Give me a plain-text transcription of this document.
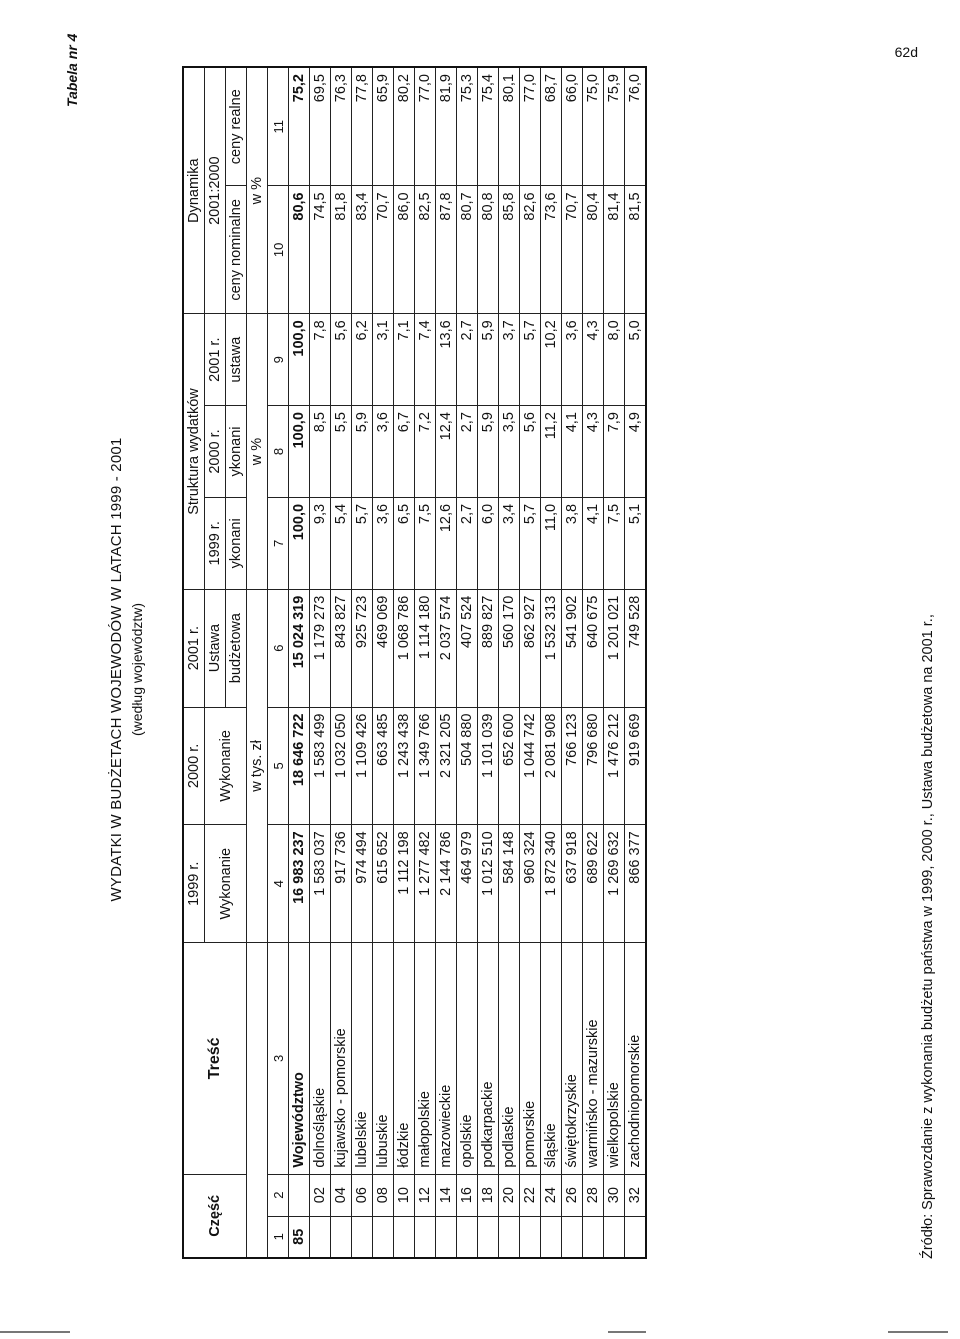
62d
Tabela nr 4
WYDATKI W BUDŻETACH WOJEWODÓW W LATACH 1999 - 2001 (według województw)
Część		Treść	1999 r.	2000 r.	2001 r.	Struktura wydatków			Dynamika	
			Wykonanie	Wykonanie	Ustawa	1999 r.	2000 r.	2001 r.	2001:2000	
					budżetowa	ykonani	ykonani	ustawa	ceny nominalne	ceny realne
			w tys. zł			w %			w %	
1	2	3	4	5	6	7	8	9	10	11
85		Województwo	16 983 237	18 646 722	15 024 319	100,0	100,0	100,0	80,6	75,2
	02	dolnośląskie	1 583 037	1 583 499	1 179 273	9,3	8,5	7,8	74,5	69,5
	04	kujawsko - pomorskie	917 736	1 032 050	843 827	5,4	5,5	5,6	81,8	76,3
	06	lubelskie	974 494	1 109 426	925 723	5,7	5,9	6,2	83,4	77,8
	08	lubuskie	615 652	663 485	469 069	3,6	3,6	3,1	70,7	65,9
	10	łódzkie	1 112 198	1 243 438	1 068 786	6,5	6,7	7,1	86,0	80,2
	12	małopolskie	1 277 482	1 349 766	1 114 180	7,5	7,2	7,4	82,5	77,0
	14	mazowieckie	2 144 786	2 321 205	2 037 574	12,6	12,4	13,6	87,8	81,9
	16	opolskie	464 979	504 880	407 524	2,7	2,7	2,7	80,7	75,3
	18	podkarpackie	1 012 510	1 101 039	889 827	6,0	5,9	5,9	80,8	75,4
	20	podlaskie	584 148	652 600	560 170	3,4	3,5	3,7	85,8	80,1
	22	pomorskie	960 324	1 044 742	862 927	5,7	5,6	5,7	82,6	77,0
	24	śląskie	1 872 340	2 081 908	1 532 313	11,0	11,2	10,2	73,6	68,7
	26	świętokrzyskie	637 918	766 123	541 902	3,8	4,1	3,6	70,7	66,0
	28	warmińsko - mazurskie	689 622	796 680	640 675	4,1	4,3	4,3	80,4	75,0
	30	wielkopolskie	1 269 632	1 476 212	1 201 021	7,5	7,9	8,0	81,4	75,9
	32	zachodniopomorskie	866 377	919 669	749 528	5,1	4,9	5,0	81,5	76,0
Źródło: Sprawozdanie z wykonania budżetu państwa w 1999, 2000 r., Ustawa budżetowa na 2001 r.,
